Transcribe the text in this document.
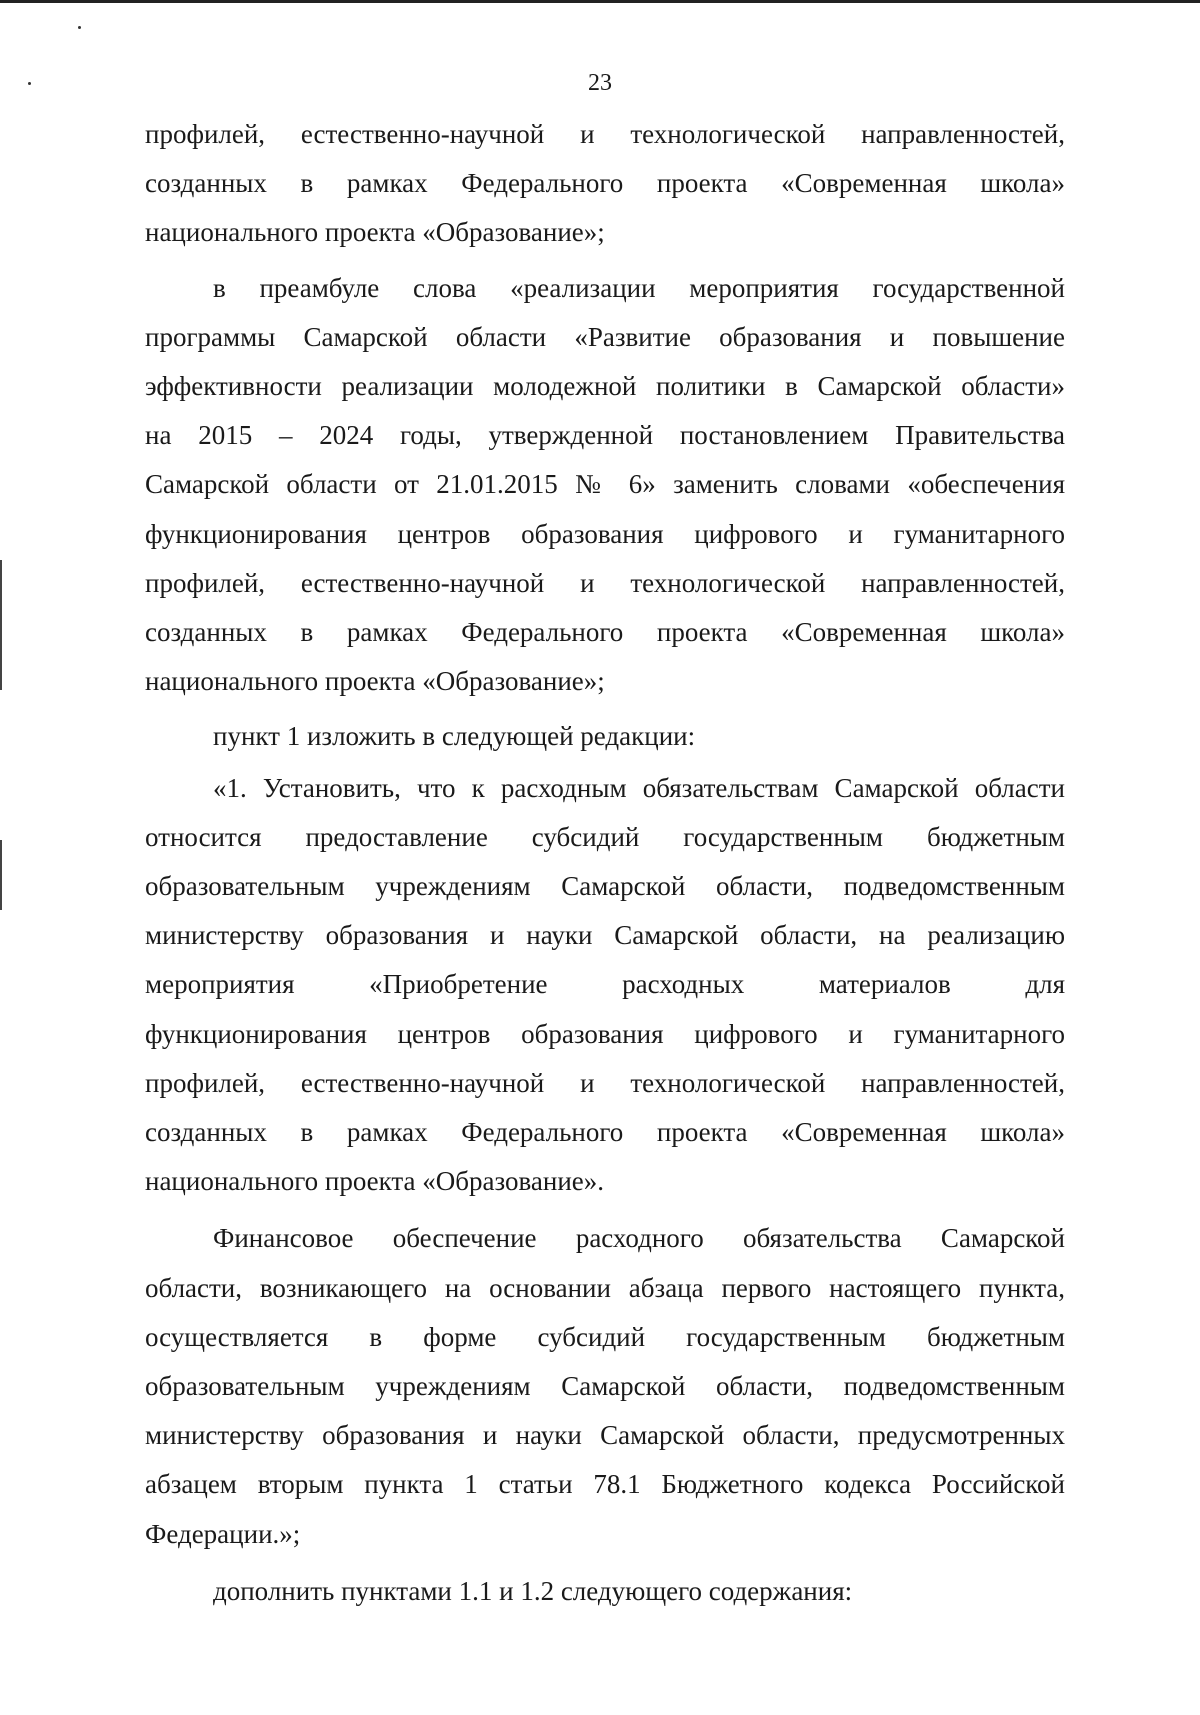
23
профилей, естественно-научной и технологической направленностей,
созданных в рамках Федерального проекта «Современная школа»
национального проекта «Образование»;
в преамбуле слова «реализации мероприятия государственной
программы Самарской области «Развитие образования и повышение
эффективности реализации молодежной политики в Самарской области»
на 2015 – 2024 годы, утвержденной постановлением Правительства
Самарской области от 21.01.2015 № 6» заменить словами «обеспечения
функционирования центров образования цифрового и гуманитарного
профилей, естественно-научной и технологической направленностей,
созданных в рамках Федерального проекта «Современная школа»
национального проекта «Образование»;
пункт 1 изложить в следующей редакции:
«1. Установить, что к расходным обязательствам Самарской области
относится предоставление субсидий государственным бюджетным
образовательным учреждениям Самарской области, подведомственным
министерству образования и науки Самарской области, на реализацию
мероприятия «Приобретение расходных материалов для
функционирования центров образования цифрового и гуманитарного
профилей, естественно-научной и технологической направленностей,
созданных в рамках Федерального проекта «Современная школа»
национального проекта «Образование».
Финансовое обеспечение расходного обязательства Самарской
области, возникающего на основании абзаца первого настоящего пункта,
осуществляется в форме субсидий государственным бюджетным
образовательным учреждениям Самарской области, подведомственным
министерству образования и науки Самарской области, предусмотренных
абзацем вторым пункта 1 статьи 78.1 Бюджетного кодекса Российской
Федерации.»;
дополнить пунктами 1.1 и 1.2 следующего содержания:
